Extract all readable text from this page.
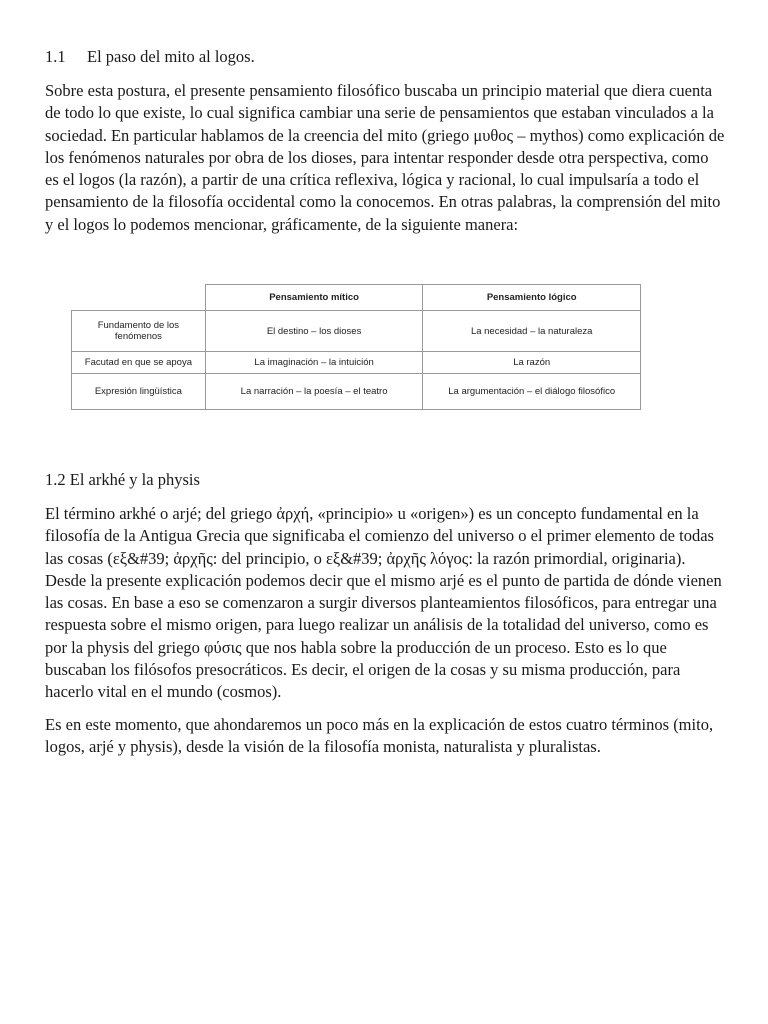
1.1 El paso del mito al logos.

Sobre esta postura, el presente pensamiento filosófico buscaba un principio material que diera cuenta de todo lo que existe, lo cual significa cambiar una serie de pensamientos que estaban vinculados a la sociedad. En particular hablamos de la creencia del mito (griego μυθος – mythos) como explicación de los fenómenos naturales por obra de los dioses, para intentar responder desde otra perspectiva, como es el logos (la razón), a partir de una crítica reflexiva, lógica y racional, lo cual impulsaría a todo el pensamiento de la filosofía occidental como la conocemos. En otras palabras, la comprensión del mito y el logos lo podemos mencionar, gráficamente, de la siguiente manera:

	Pensamiento mítico	Pensamiento lógico
Fundamento de los fenómenos	El destino – los dioses	La necesidad – la naturaleza
Facutad en que se apoya	La imaginación – la intuición	La razón
Expresión lingüística	La narración – la poesía – el teatro	La argumentación – el diálogo filosófico
1.2 El arkhé y la physis

El término arkhé o arjé; del griego ἀρχή, «principio» u «origen») es un concepto fundamental en la filosofía de la Antigua Grecia que significaba el comienzo del universo o el primer elemento de todas las cosas (εξ&#39; ἀρχῆς: del principio, o εξ&#39; ἀρχῆς λόγος: la razón primordial, originaria). Desde la presente explicación podemos decir que el mismo arjé es el punto de partida de dónde vienen las cosas. En base a eso se comenzaron a surgir diversos planteamientos filosóficos, para entregar una respuesta sobre el mismo origen, para luego realizar un análisis de la totalidad del universo, como es por la physis del griego φύσις que nos habla sobre la producción de un proceso. Esto es lo que buscaban los filósofos presocráticos. Es decir, el origen de la cosas y su misma producción, para hacerlo vital en el mundo (cosmos).

Es en este momento, que ahondaremos un poco más en la explicación de estos cuatro términos (mito, logos, arjé y physis), desde la visión de la filosofía monista, naturalista y pluralistas.
